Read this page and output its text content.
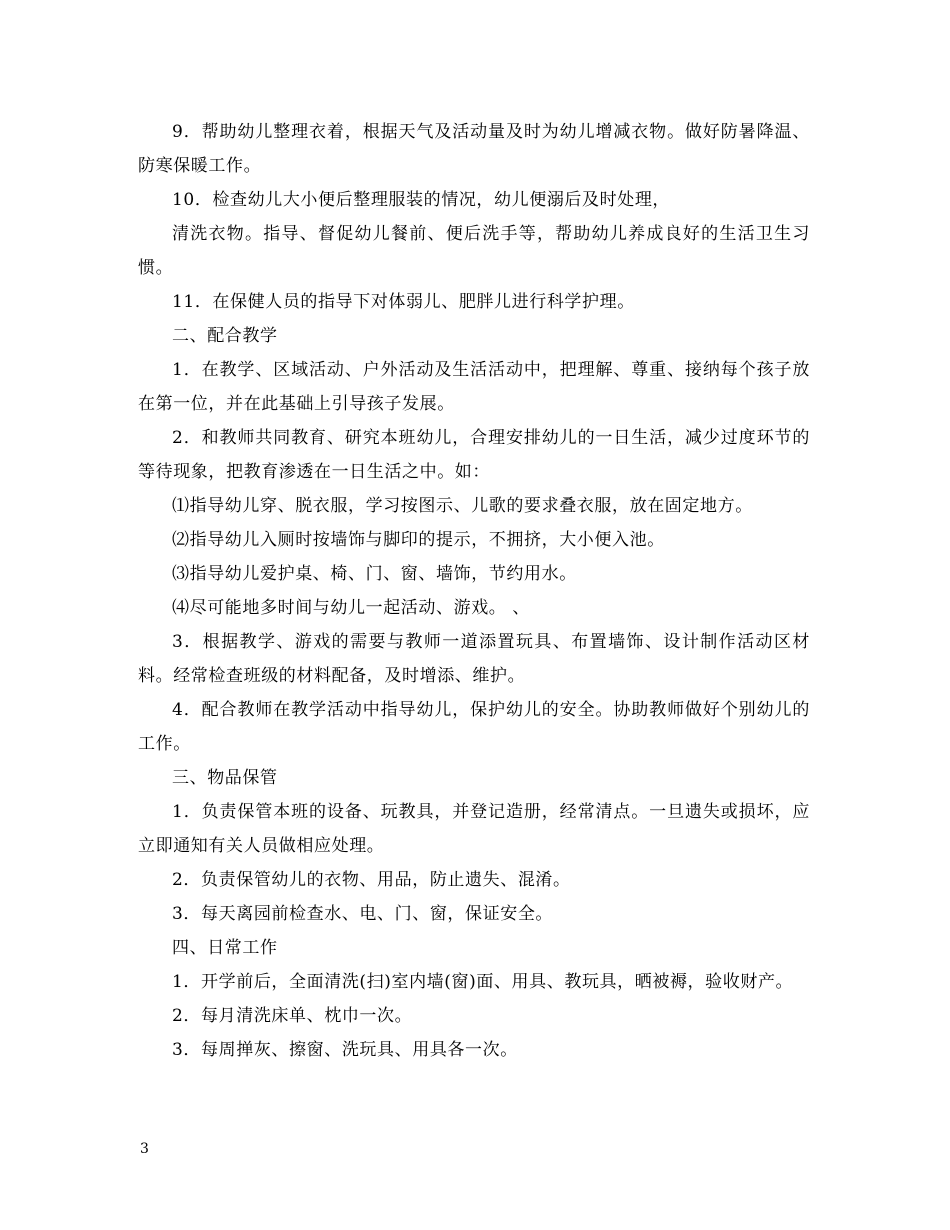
9．帮助幼儿整理衣着，根据天气及活动量及时为幼儿增减衣物。做好防暑降温、防寒保暖工作。

10．检查幼儿大小便后整理服装的情况，幼儿便溺后及时处理，

清洗衣物。指导、督促幼儿餐前、便后洗手等，帮助幼儿养成良好的生活卫生习惯。

11．在保健人员的指导下对体弱儿、肥胖儿进行科学护理。

二、配合教学

1．在教学、区域活动、户外活动及生活活动中，把理解、尊重、接纳每个孩子放在第一位，并在此基础上引导孩子发展。

2．和教师共同教育、研究本班幼儿，合理安排幼儿的一日生活，减少过度环节的等待现象，把教育渗透在一日生活之中。如：

⑴指导幼儿穿、脱衣服，学习按图示、儿歌的要求叠衣服，放在固定地方。

⑵指导幼儿入厕时按墙饰与脚印的提示，不拥挤，大小便入池。

⑶指导幼儿爱护桌、椅、门、窗、墙饰，节约用水。

⑷尽可能地多时间与幼儿一起活动、游戏。 、

3．根据教学、游戏的需要与教师一道添置玩具、布置墙饰、设计制作活动区材料。经常检查班级的材料配备，及时增添、维护。

4．配合教师在教学活动中指导幼儿，保护幼儿的安全。协助教师做好个别幼儿的工作。

三、物品保管

1．负责保管本班的设备、玩教具，并登记造册，经常清点。一旦遗失或损坏，应立即通知有关人员做相应处理。

2．负责保管幼儿的衣物、用品，防止遗失、混淆。

3．每天离园前检查水、电、门、窗，保证安全。

四、日常工作

1．开学前后，全面清洗(扫)室内墙(窗)面、用具、教玩具，晒被褥，验收财产。

2．每月清洗床单、枕巾一次。

3．每周掸灰、擦窗、洗玩具、用具各一次。

3
